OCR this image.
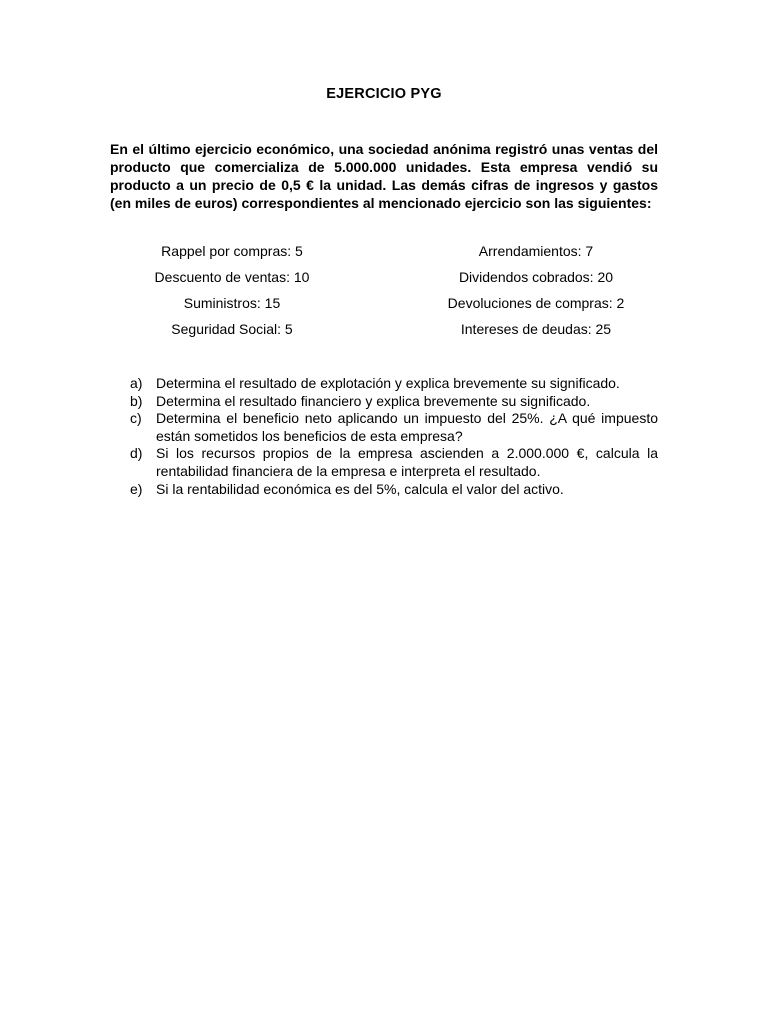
EJERCICIO PYG
En el último ejercicio económico, una sociedad anónima registró unas ventas del producto que comercializa de 5.000.000 unidades. Esta empresa vendió su producto a un precio de 0,5 € la unidad. Las demás cifras de ingresos y gastos (en miles de euros) correspondientes al mencionado ejercicio son las siguientes:
Rappel por compras: 5	Arrendamientos: 7
Descuento de ventas: 10	Dividendos cobrados: 20
Suministros: 15	Devoluciones de compras: 2
Seguridad Social: 5	Intereses de deudas: 25
a) Determina el resultado de explotación y explica brevemente su significado.
b) Determina el resultado financiero y explica brevemente su significado.
c)	Determina el beneficio neto aplicando un impuesto del 25%. ¿A qué impuesto están sometidos los beneficios de esta empresa?
d) Si los recursos propios de la empresa ascienden a 2.000.000 €, calcula la rentabilidad financiera de la empresa e interpreta el resultado.
e) Si la rentabilidad económica es del 5%, calcula el valor del activo.
